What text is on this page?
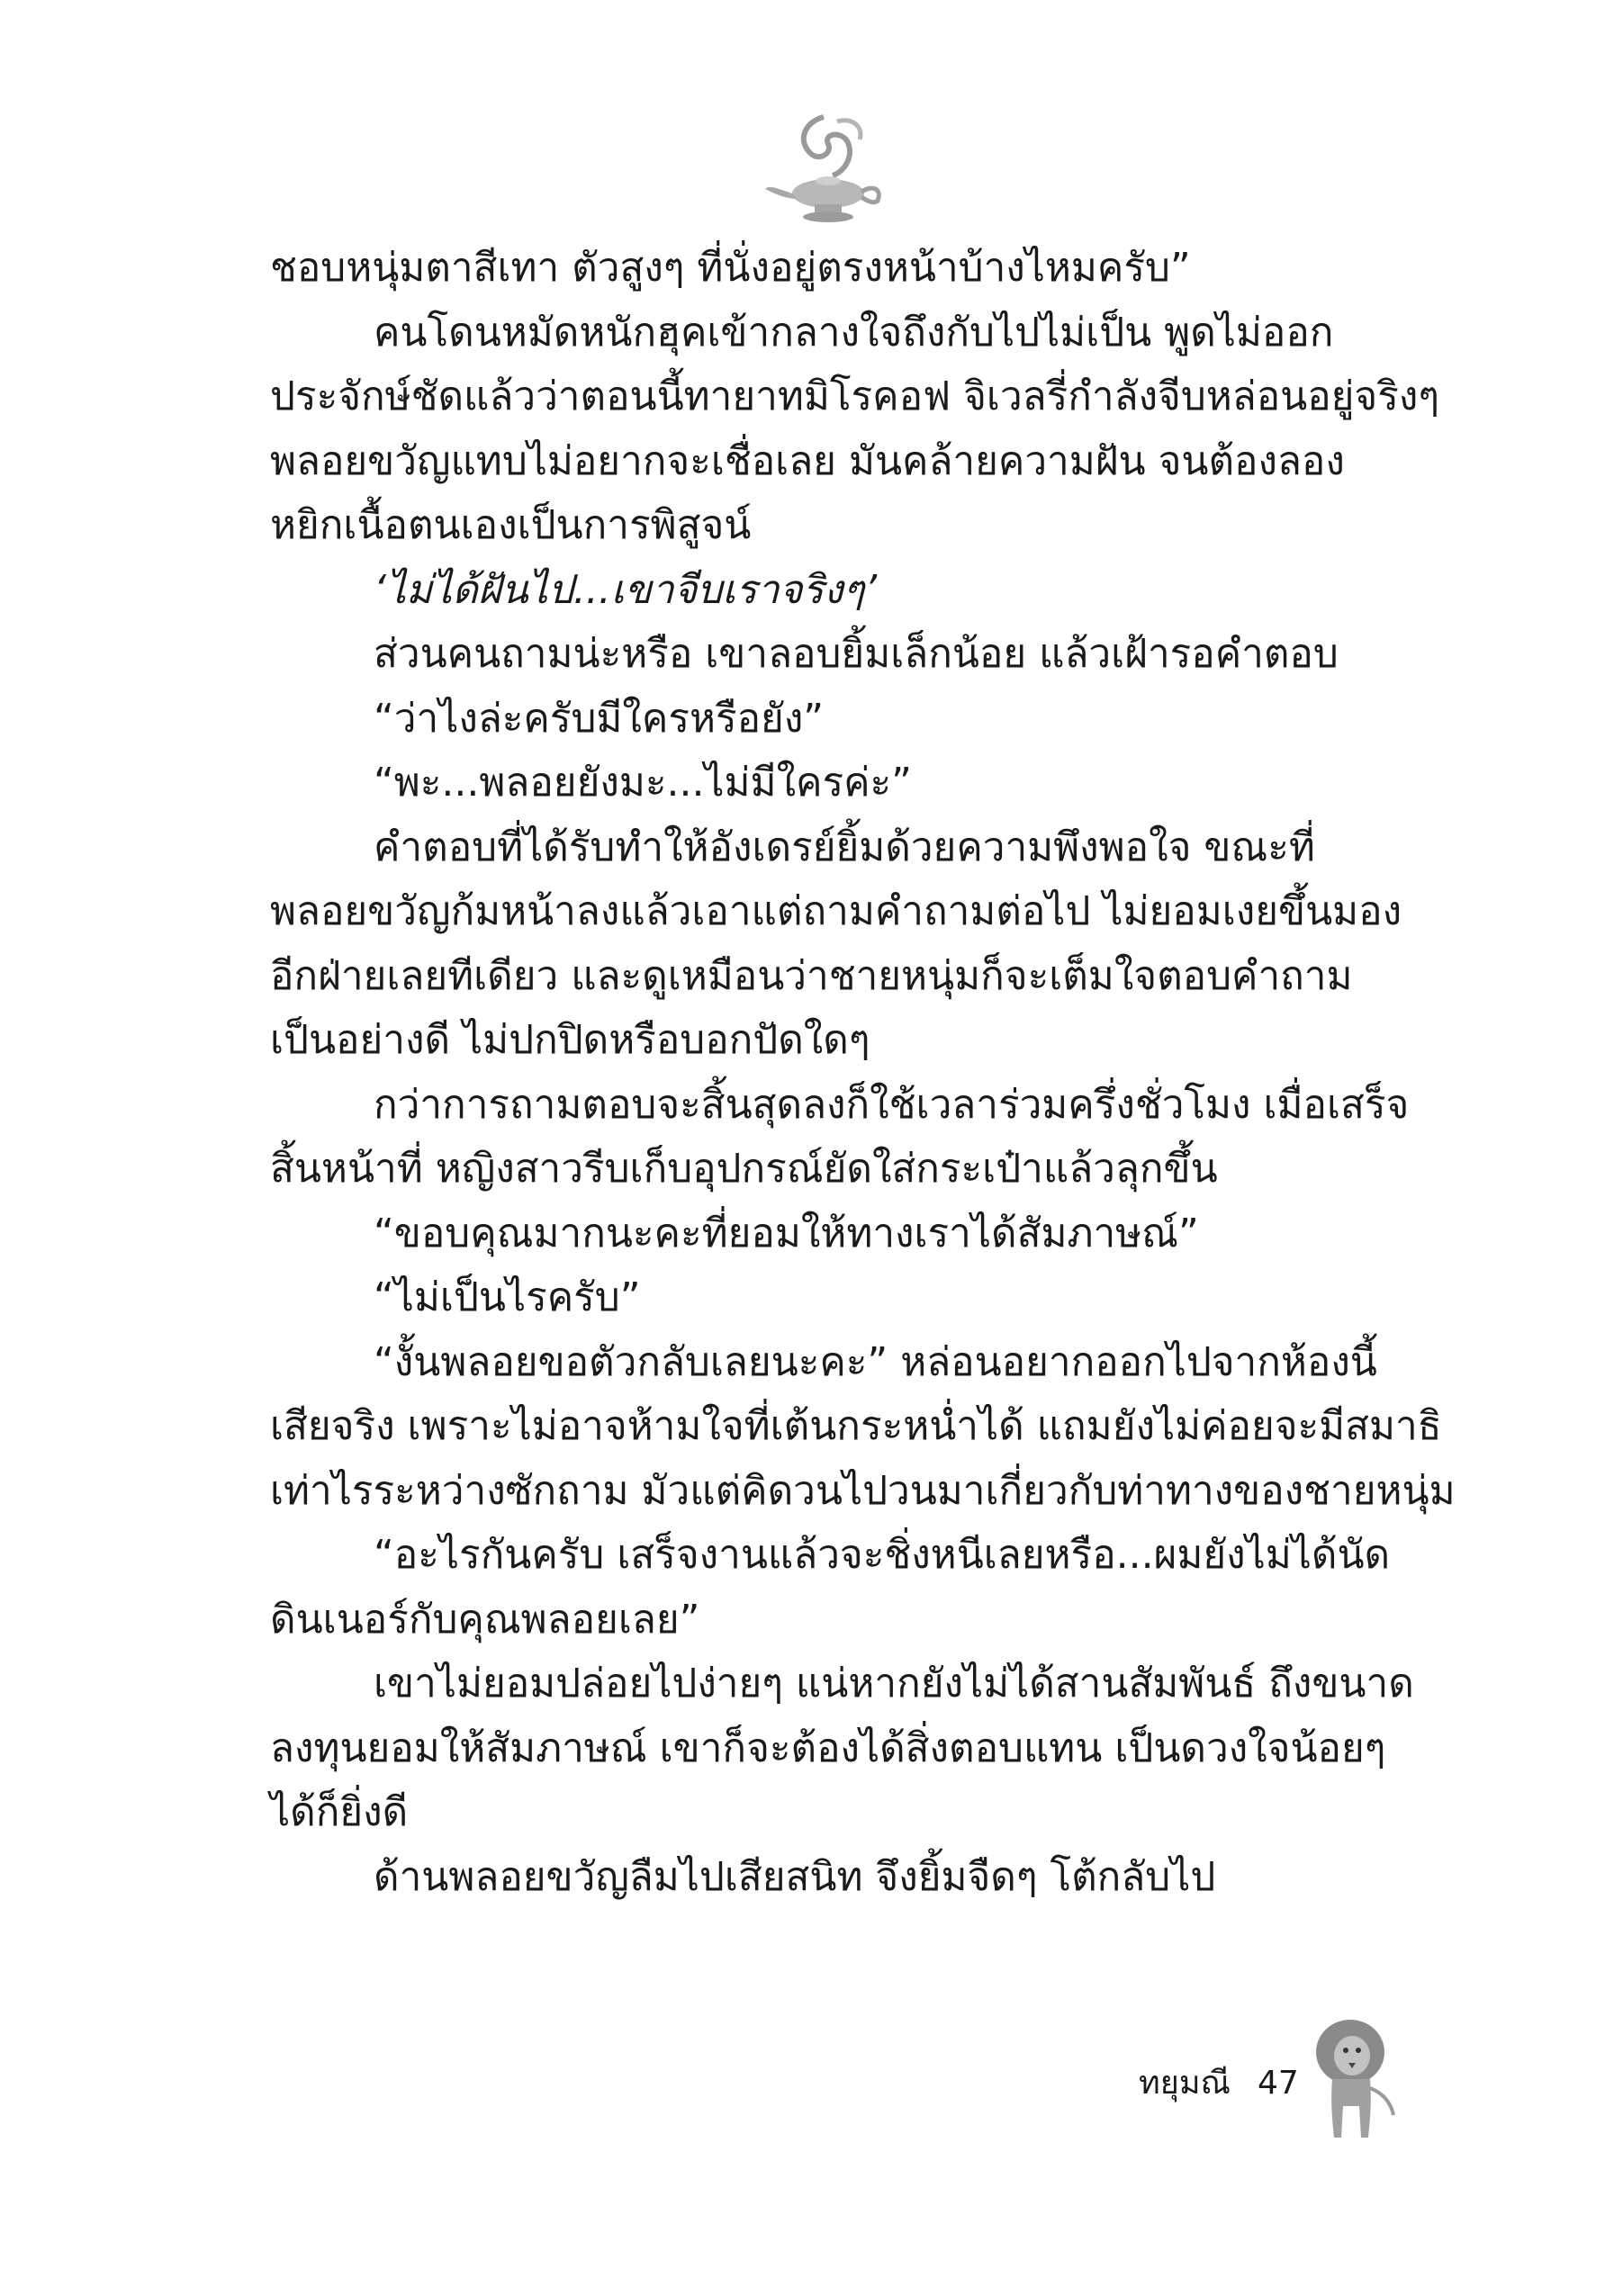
ชอบหนุ่มตาสีเทา ตัวสูงๆ ที่นั่งอยู่ตรงหน้าบ้างไหมครับ”
คนโดนหมัดหนักฮุคเข้ากลางใจถึงกับไปไม่เป็น พูดไม่ออก
ประจักษ์ชัดแล้วว่าตอนนี้ทายาทมิโรคอฟ จิเวลรี่กำลังจีบหล่อนอยู่จริงๆ
พลอยขวัญแทบไม่อยากจะเชื่อเลย มันคล้ายความฝัน จนต้องลอง
หยิกเนื้อตนเองเป็นการพิสูจน์
‘ไม่ได้ฝันไป...เขาจีบเราจริงๆ’
ส่วนคนถามน่ะหรือ เขาลอบยิ้มเล็กน้อย แล้วเฝ้ารอคำตอบ
“ว่าไงล่ะครับมีใครหรือยัง”
“พะ...พลอยยังมะ...ไม่มีใครค่ะ”
คำตอบที่ได้รับทำให้อังเดรย์ยิ้มด้วยความพึงพอใจ ขณะที่
พลอยขวัญก้มหน้าลงแล้วเอาแต่ถามคำถามต่อไป ไม่ยอมเงยขึ้นมอง
อีกฝ่ายเลยทีเดียว และดูเหมือนว่าชายหนุ่มก็จะเต็มใจตอบคำถาม
เป็นอย่างดี ไม่ปกปิดหรือบอกปัดใดๆ
กว่าการถามตอบจะสิ้นสุดลงก็ใช้เวลาร่วมครึ่งชั่วโมง เมื่อเสร็จ
สิ้นหน้าที่ หญิงสาวรีบเก็บอุปกรณ์ยัดใส่กระเป๋าแล้วลุกขึ้น
“ขอบคุณมากนะคะที่ยอมให้ทางเราได้สัมภาษณ์”
“ไม่เป็นไรครับ”
“งั้นพลอยขอตัวกลับเลยนะคะ” หล่อนอยากออกไปจากห้องนี้
เสียจริง เพราะไม่อาจห้ามใจที่เต้นกระหน่ำได้ แถมยังไม่ค่อยจะมีสมาธิ
เท่าไรระหว่างซักถาม มัวแต่คิดวนไปวนมาเกี่ยวกับท่าทางของชายหนุ่ม
“อะไรกันครับ เสร็จงานแล้วจะชิ่งหนีเลยหรือ...ผมยังไม่ได้นัด
ดินเนอร์กับคุณพลอยเลย”
เขาไม่ยอมปล่อยไปง่ายๆ แน่หากยังไม่ได้สานสัมพันธ์ ถึงขนาด
ลงทุนยอมให้สัมภาษณ์ เขาก็จะต้องได้สิ่งตอบแทน เป็นดวงใจน้อยๆ
ได้ก็ยิ่งดี
ด้านพลอยขวัญลืมไปเสียสนิท จึงยิ้มจืดๆ โต้กลับไป
ทยุมณี 47
